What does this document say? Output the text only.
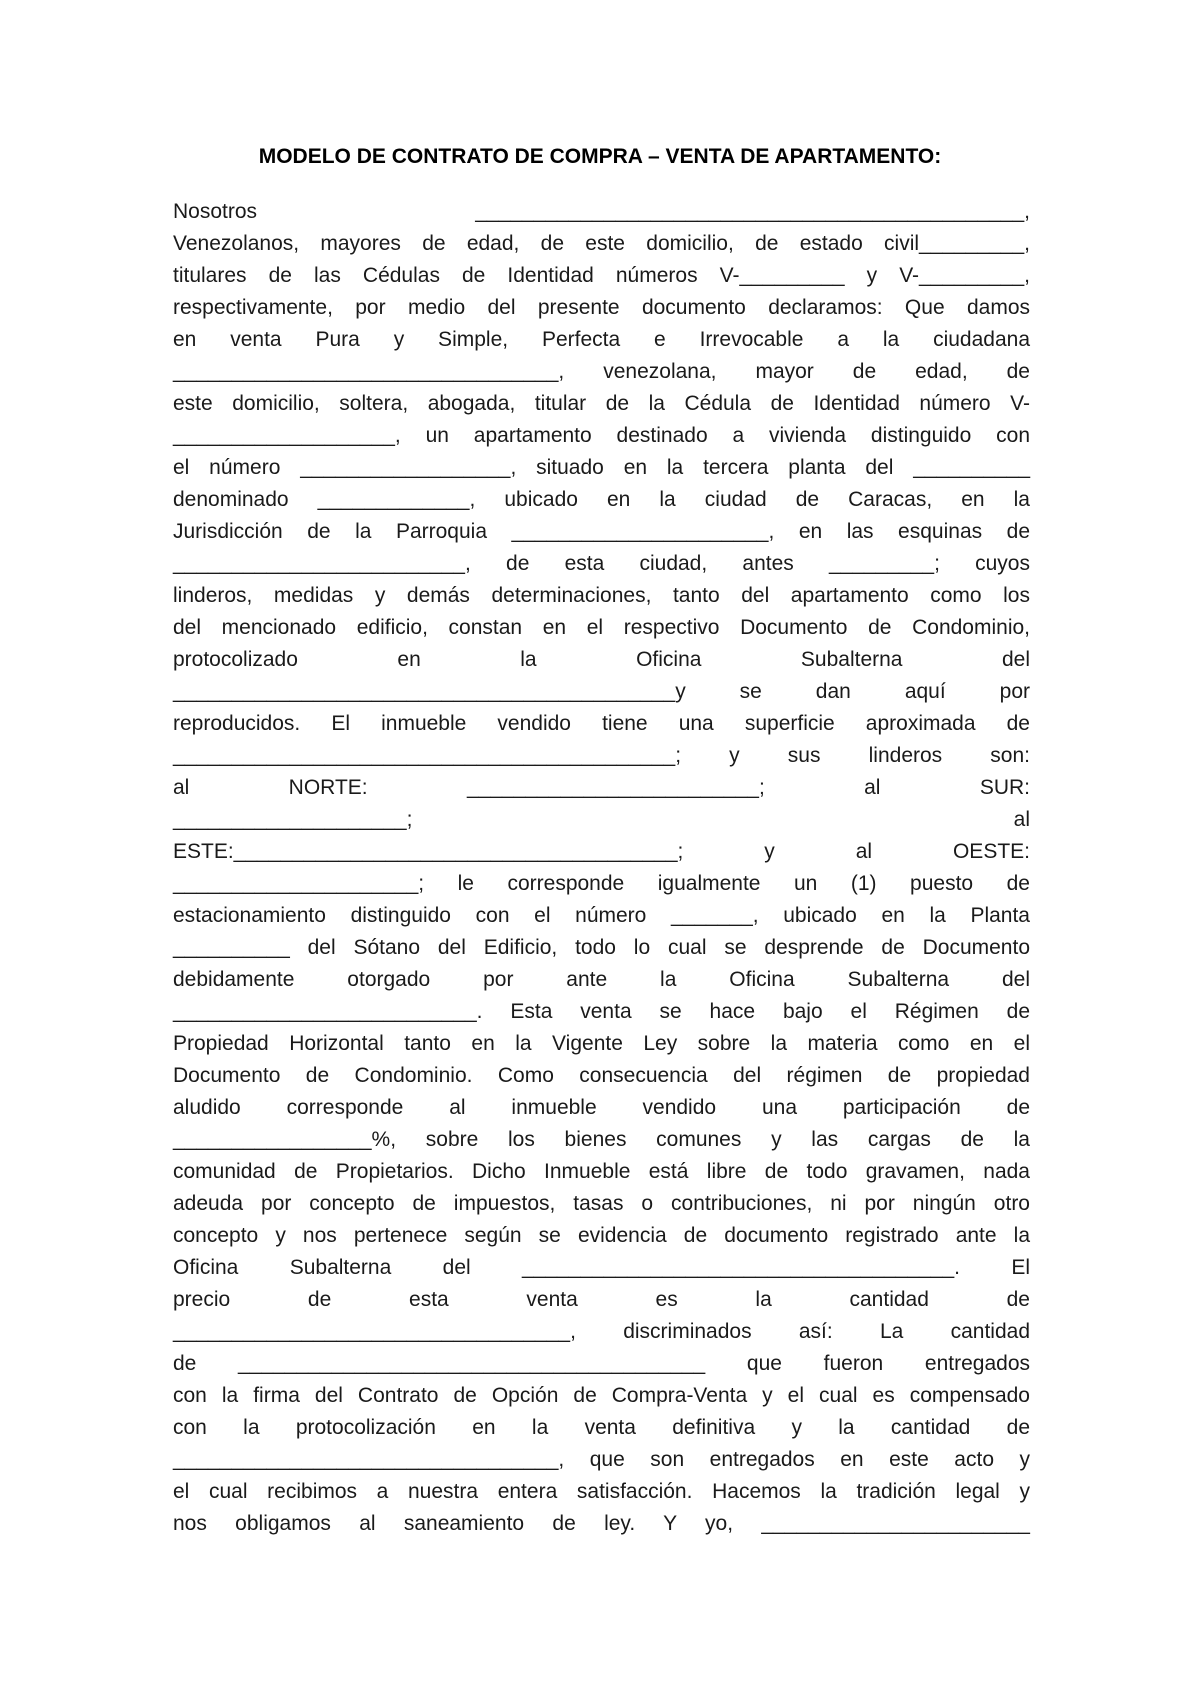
MODELO DE CONTRATO DE COMPRA – VENTA DE APARTAMENTO:
Nosotros _______________________________________________,
Venezolanos, mayores de edad, de este domicilio, de estado civil_________,
titulares de las Cédulas de Identidad números V-_________ y V-_________,
respectivamente, por medio del presente documento declaramos: Que damos
en venta Pura y Simple, Perfecta e Irrevocable a la ciudadana
_________________________________, venezolana, mayor de edad, de
este domicilio, soltera, abogada, titular de la Cédula de Identidad número V-
___________________, un apartamento destinado a vivienda distinguido con
el número __________________, situado en la tercera planta del __________
denominado _____________, ubicado en la ciudad de Caracas, en la
Jurisdicción de la Parroquia ______________________, en las esquinas de
_________________________, de esta ciudad, antes _________; cuyos
linderos, medidas y demás determinaciones, tanto del apartamento como los
del mencionado edificio, constan en el respectivo Documento de Condominio,
protocolizado en la Oficina Subalterna del
___________________________________________y se dan aquí por
reproducidos. El inmueble vendido tiene una superficie aproximada de
___________________________________________; y sus linderos son:
al NORTE: _________________________; al SUR:
____________________; al
ESTE:______________________________________; y al OESTE:
_____________________; le corresponde igualmente un (1) puesto de
estacionamiento distinguido con el número _______, ubicado en la Planta
__________ del Sótano del Edificio, todo lo cual se desprende de Documento
debidamente otorgado por ante la Oficina Subalterna del
__________________________. Esta venta se hace bajo el Régimen de
Propiedad Horizontal tanto en la Vigente Ley sobre la materia como en el
Documento de Condominio. Como consecuencia del régimen de propiedad
aludido corresponde al inmueble vendido una participación de
_________________%, sobre los bienes comunes y las cargas de la
comunidad de Propietarios. Dicho Inmueble está libre de todo gravamen, nada
adeuda por concepto de impuestos, tasas o contribuciones, ni por ningún otro
concepto y nos pertenece según se evidencia de documento registrado ante la
Oficina Subalterna del _____________________________________. El
precio de esta venta es la cantidad de
__________________________________, discriminados así: La cantidad
de ________________________________________ que fueron entregados
con la firma del Contrato de Opción de Compra-Venta y el cual es compensado
con la protocolización en la venta definitiva y la cantidad de
_________________________________, que son entregados en este acto y
el cual recibimos a nuestra entera satisfacción. Hacemos la tradición legal y
nos obligamos al saneamiento de ley. Y yo, _______________________
